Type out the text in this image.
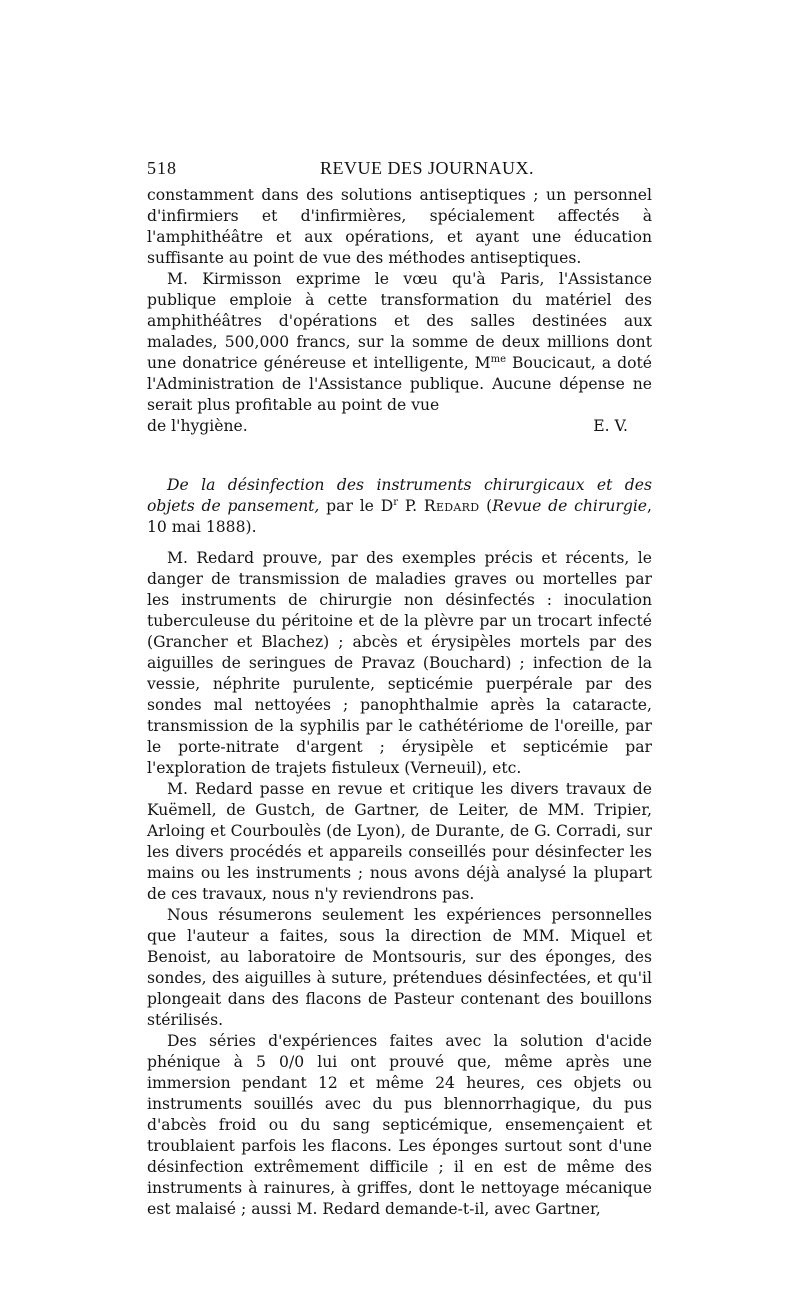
518	REVUE DES JOURNAUX.

constamment dans des solutions antiseptiques ; un personnel d'infirmiers et d'infirmières, spécialement affectés à l'amphithéâtre et aux opérations, et ayant une éducation suffisante au point de vue des méthodes antiseptiques.

M. Kirmisson exprime le vœu qu'à Paris, l'Assistance publique emploie à cette transformation du matériel des amphithéâtres d'opérations et des salles destinées aux malades, 500,000 francs, sur la somme de deux millions dont une donatrice généreuse et intelligente, $M^{me}$ Boucicaut, a doté l'Administration de l'Assistance publique. Aucune dépense ne serait plus profitable au point de vue

de l'hygiène.	E. V.

De la désinfection des instruments chirurgicaux et des objets de pansement, par le $D^r$ P. Redard (Revue de chirurgie, 10 mai 1888).

M. Redard prouve, par des exemples précis et récents, le danger de transmission de maladies graves ou mortelles par les instruments de chirurgie non désinfectés : inoculation tuberculeuse du péritoine et de la plèvre par un trocart infecté (Grancher et Blachez) ; abcès et érysipèles mortels par des aiguilles de seringues de Pravaz (Bouchard) ; infection de la vessie, néphrite purulente, septicémie puerpérale par des sondes mal nettoyées ; panophthalmie après la cataracte, transmission de la syphilis par le cathétériome de l'oreille, par le porte-nitrate d'argent ; érysipèle et septicémie par l'exploration de trajets fistuleux (Verneuil), etc.

M. Redard passe en revue et critique les divers travaux de Kuëmell, de Gustch, de Gartner, de Leiter, de MM. Tripier, Arloing et Courboulès (de Lyon), de Durante, de G. Corradi, sur les divers procédés et appareils conseillés pour désinfecter les mains ou les instruments ; nous avons déjà analysé la plupart de ces travaux, nous n'y reviendrons pas.

Nous résumerons seulement les expériences personnelles que l'auteur a faites, sous la direction de MM. Miquel et Benoist, au laboratoire de Montsouris, sur des éponges, des sondes, des aiguilles à suture, prétendues désinfectées, et qu'il plongeait dans des flacons de Pasteur contenant des bouillons stérilisés.

Des séries d'expériences faites avec la solution d'acide phénique à 5 0/0 lui ont prouvé que, même après une immersion pendant 12 et même 24 heures, ces objets ou instruments souillés avec du pus blennorrhagique, du pus d'abcès froid ou du sang septicémique, ensemençaient et troublaient parfois les flacons. Les éponges surtout sont d'une désinfection extrêmement difficile ; il en est de même des instruments à rainures, à griffes, dont le nettoyage mécanique est malaisé ; aussi M. Redard demande-t-il, avec Gartner,
